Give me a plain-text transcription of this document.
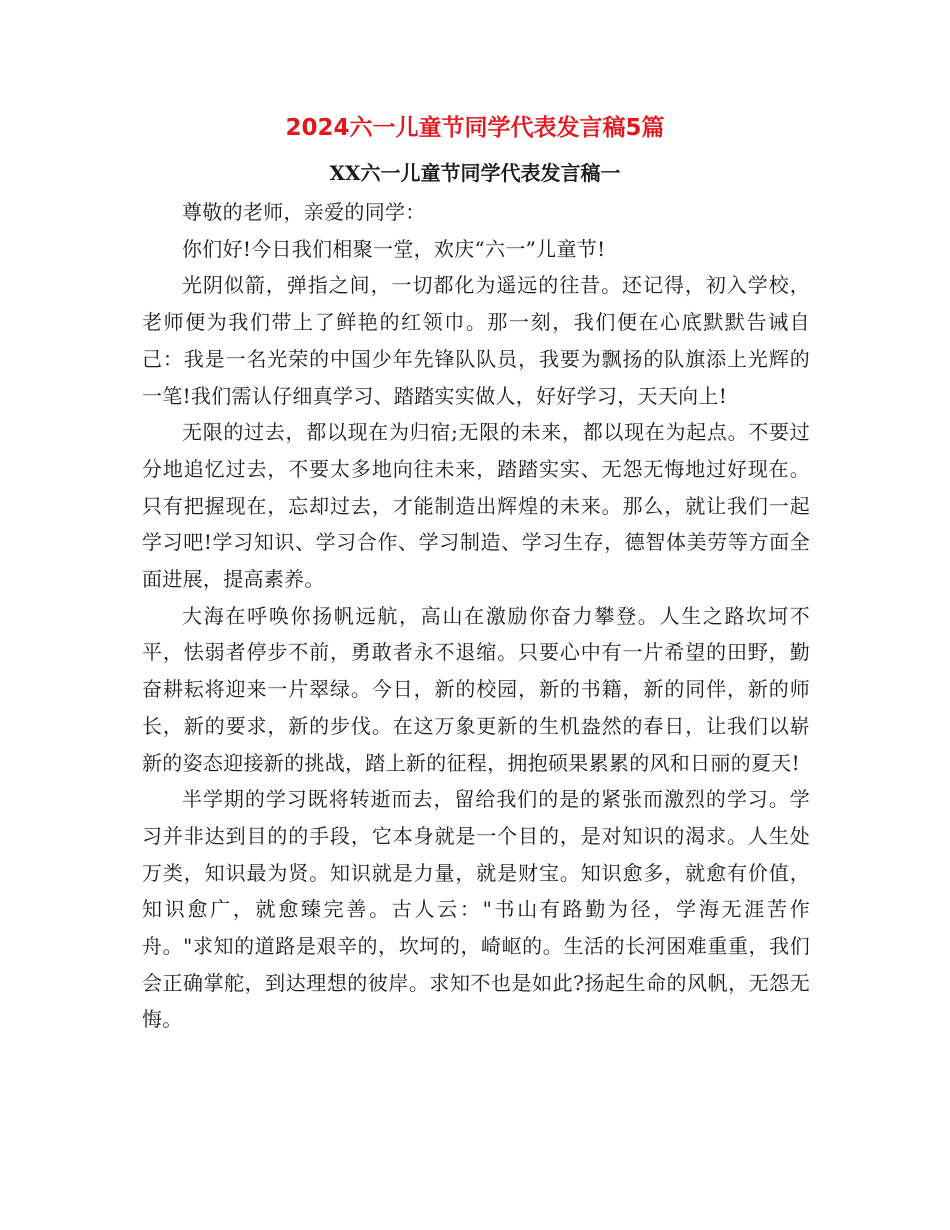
2024六一儿童节同学代表发言稿5篇
XX六一儿童节同学代表发言稿一

尊敬的老师，亲爱的同学：

你们好!今日我们相聚一堂，欢庆“六一”儿童节!

光阴似箭，弹指之间，一切都化为遥远的往昔。还记得，初入学校，老师便为我们带上了鲜艳的红领巾。那一刻，我们便在心底默默告诫自己：我是一名光荣的中国少年先锋队队员，我要为飘扬的队旗添上光辉的一笔!我们需认仔细真学习、踏踏实实做人，好好学习，天天向上!

无限的过去，都以现在为归宿;无限的未来，都以现在为起点。不要过分地追忆过去，不要太多地向往未来，踏踏实实、无怨无悔地过好现在。只有把握现在，忘却过去，才能制造出辉煌的未来。那么，就让我们一起学习吧!学习知识、学习合作、学习制造、学习生存，德智体美劳等方面全面进展，提高素养。

大海在呼唤你扬帆远航，高山在激励你奋力攀登。人生之路坎坷不平，怯弱者停步不前，勇敢者永不退缩。只要心中有一片希望的田野，勤奋耕耘将迎来一片翠绿。今日，新的校园，新的书籍，新的同伴，新的师长，新的要求，新的步伐。在这万象更新的生机盎然的春日，让我们以崭新的姿态迎接新的挑战，踏上新的征程，拥抱硕果累累的风和日丽的夏天!

半学期的学习既将转逝而去，留给我们的是的紧张而激烈的学习。学习并非达到目的的手段，它本身就是一个目的，是对知识的渴求。人生处万类，知识最为贤。知识就是力量，就是财宝。知识愈多，就愈有价值，知识愈广，就愈臻完善。古人云："书山有路勤为径，学海无涯苦作舟。"求知的道路是艰辛的，坎坷的，崎岖的。生活的长河困难重重，我们会正确掌舵，到达理想的彼岸。求知不也是如此?扬起生命的风帆，无怨无悔。
